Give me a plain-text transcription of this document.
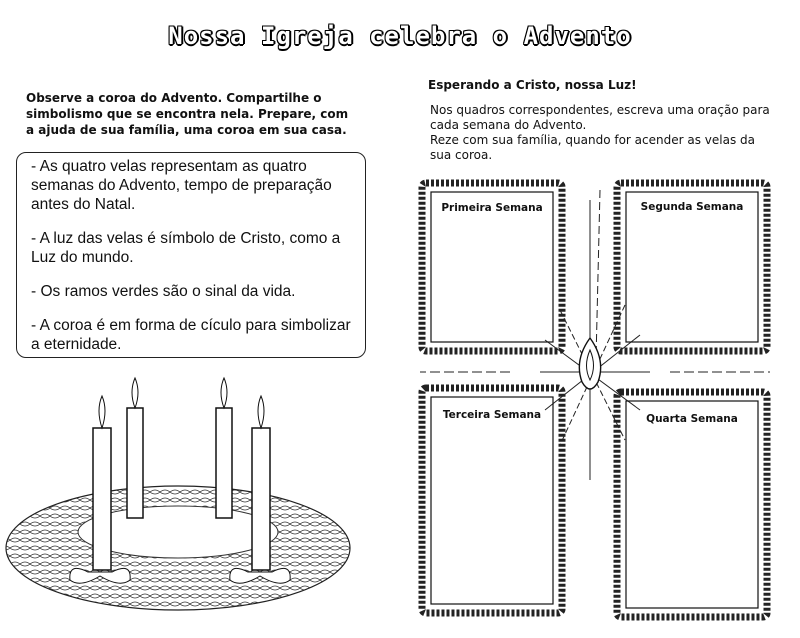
Nossa Igreja celebra o Advento
Observe a coroa do Advento. Compartilhe o
simbolismo que se encontra nela. Prepare, com
a ajuda de sua família, uma coroa em sua casa.
- As quatro velas representam as quatro
semanas do Advento, tempo de preparação
antes do Natal.
- A luz das velas é símbolo de Cristo, como a
Luz do mundo.
- Os ramos verdes são o sinal da vida.
- A coroa é em forma de cículo para simbolizar
a eternidade.
Esperando a Cristo, nossa Luz!
Nos quadros correspondentes, escreva uma oração para
cada semana do Advento.
Reze com sua família, quando for acender as velas da
sua coroa.
Primeira Semana	Segunda Semana
Terceira Semana	Quarta Semana
